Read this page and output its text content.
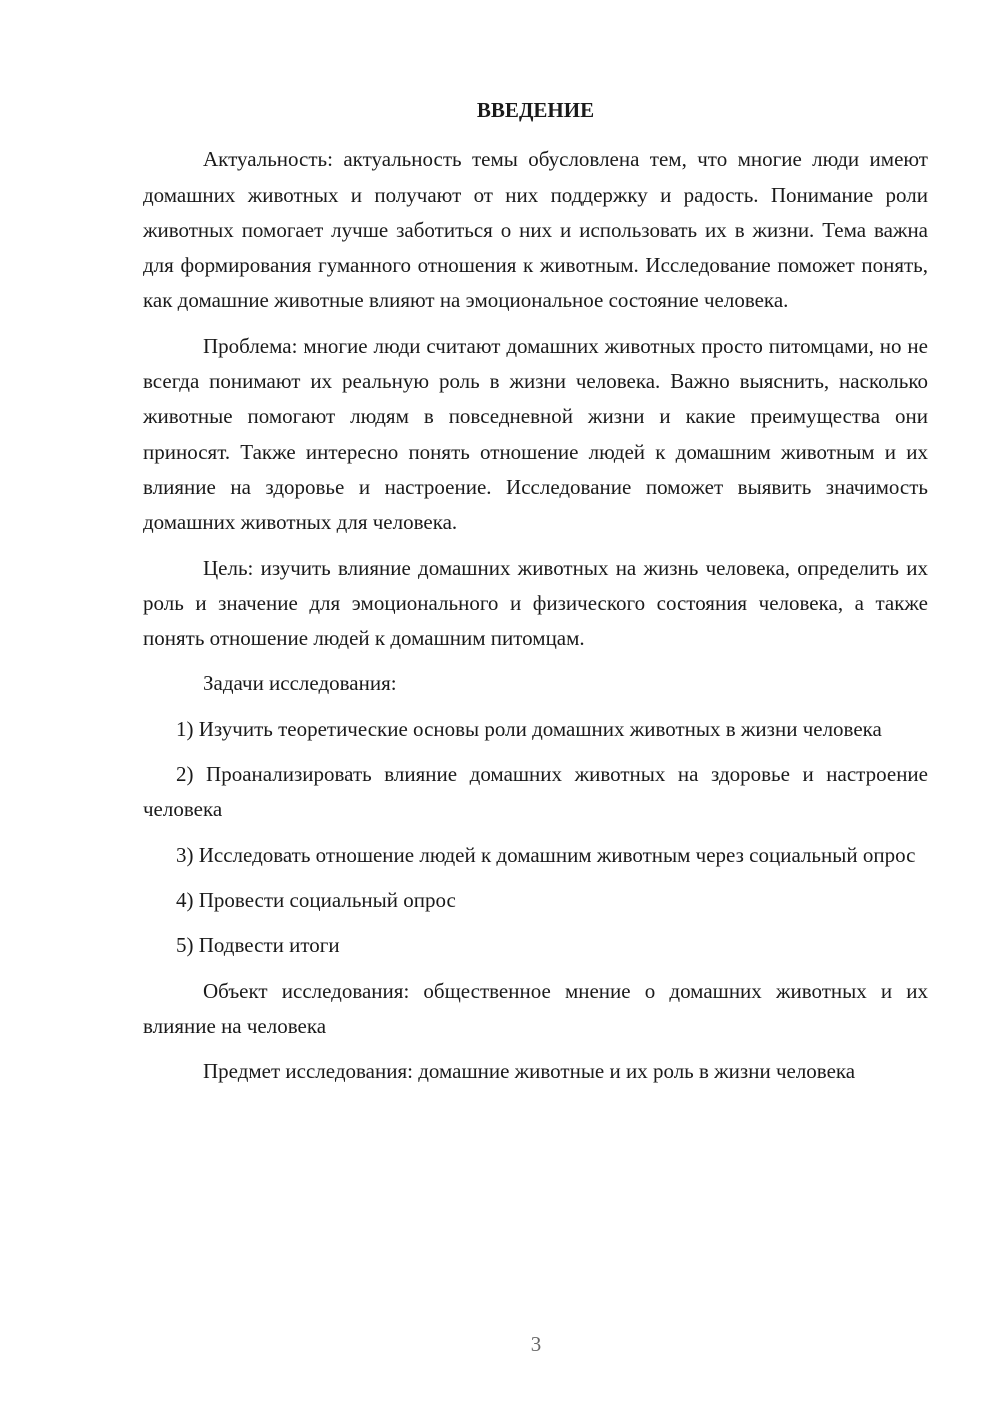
ВВЕДЕНИЕ

Актуальность: актуальность темы обусловлена тем, что многие люди имеют домашних животных и получают от них поддержку и радость. Понимание роли животных помогает лучше заботиться о них и использовать их в жизни. Тема важна для формирования гуманного отношения к животным. Исследование поможет понять, как домашние животные влияют на эмоциональное состояние человека.

Проблема: многие люди считают домашних животных просто питомцами, но не всегда понимают их реальную роль в жизни человека. Важно выяснить, насколько животные помогают людям в повседневной жизни и какие преимущества они приносят. Также интересно понять отношение людей к домашним животным и их влияние на здоровье и настроение. Исследование поможет выявить значимость домашних животных для человека.

Цель: изучить влияние домашних животных на жизнь человека, определить их роль и значение для эмоционального и физического состояния человека, а также понять отношение людей к домашним питомцам.

Задачи исследования:

1) Изучить теоретические основы роли домашних животных в жизни человека

2) Проанализировать влияние домашних животных на здоровье и настроение человека

3) Исследовать отношение людей к домашним животным через социальный опрос

4) Провести социальный опрос

5) Подвести итоги

Объект исследования: общественное мнение о домашних животных и их влияние на человека

Предмет исследования: домашние животные и их роль в жизни человека

3
